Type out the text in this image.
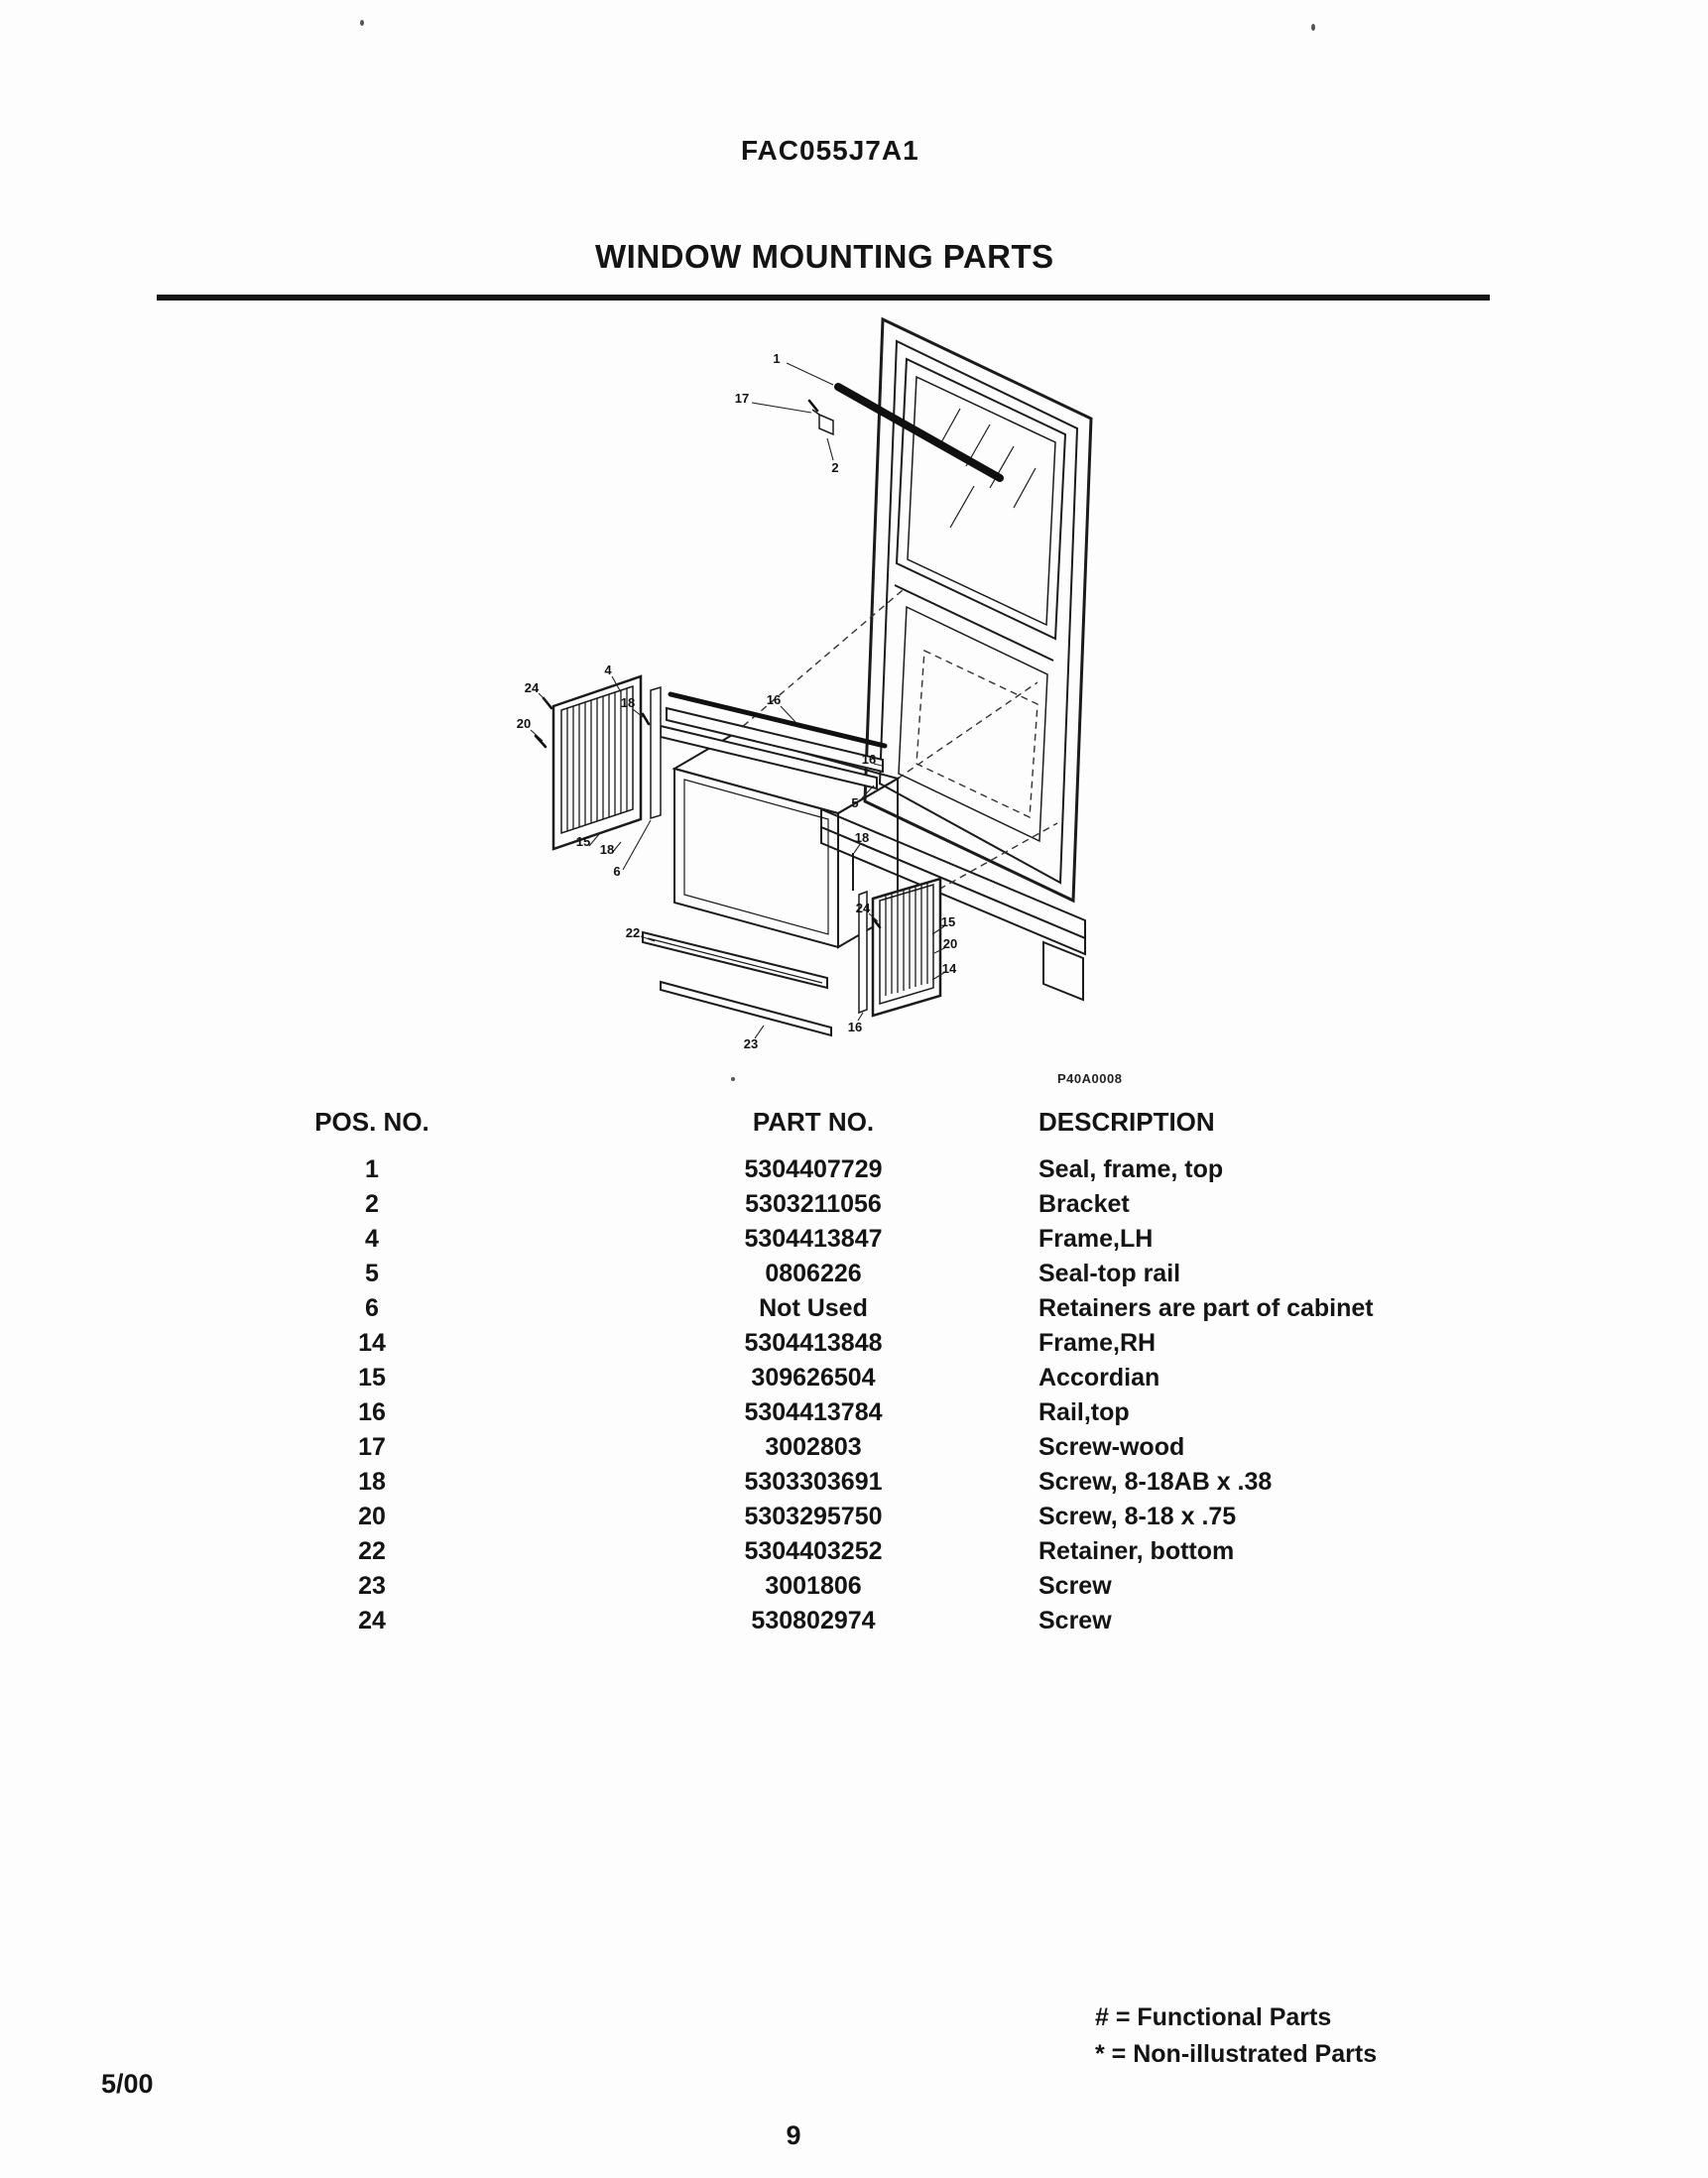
FAC055J7A1
WINDOW MOUNTING PARTS
1
17
2
4
24
20
18	16
5
16
18
15
18
6
22
24
15
20
14
23
16
P40A0008
POS. NO.	PART NO.	DESCRIPTION
1	5304407729	Seal, frame, top
2	5303211056	Bracket
4	5304413847	Frame,LH
5	0806226	Seal-top rail
6	Not Used	Retainers are part of cabinet
14	5304413848	Frame,RH
15	309626504	Accordian
16	5304413784	Rail,top
17	3002803	Screw-wood
18	5303303691	Screw, 8-18AB x .38
20	5303295750	Screw, 8-18 x .75
22	5304403252	Retainer, bottom
23	3001806	Screw
24	530802974	Screw
# = Functional Parts
* = Non-illustrated Parts
5/00
9
